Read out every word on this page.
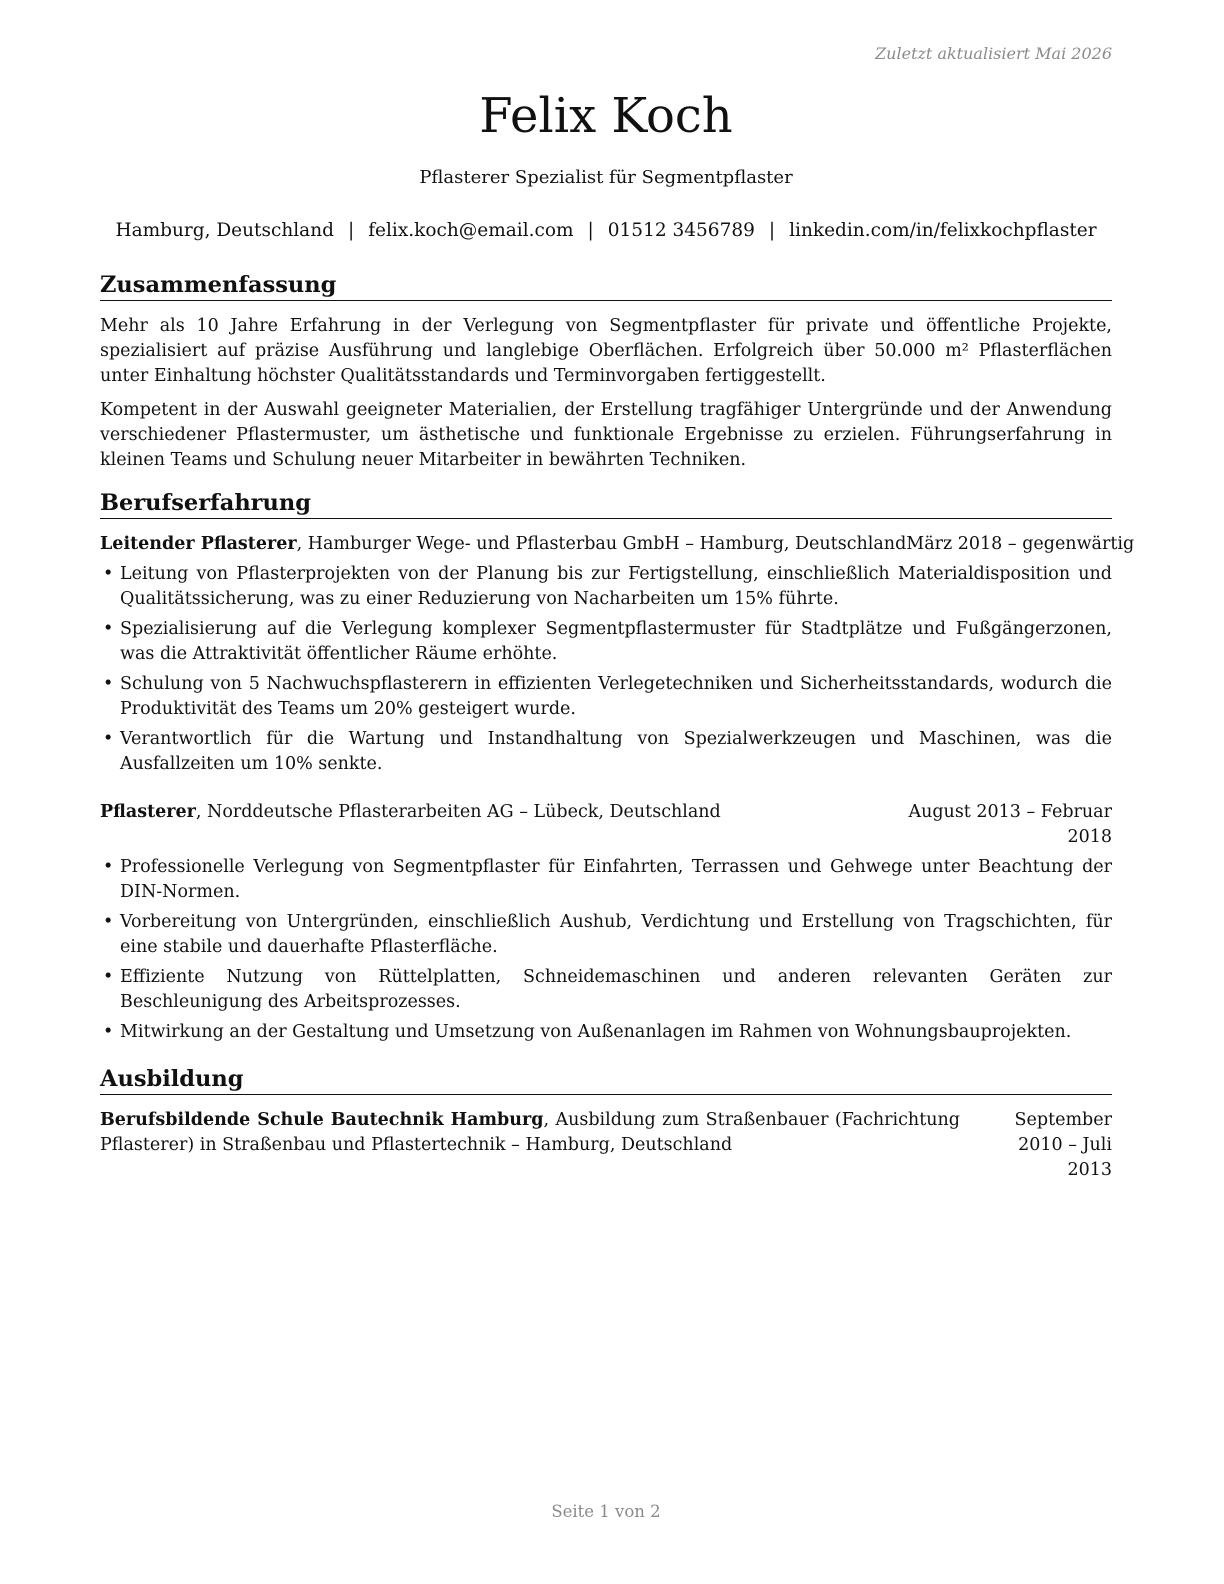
Zuletzt aktualisiert Mai 2026
Felix Koch
Pflasterer Spezialist für Segmentpflaster
Hamburg, Deutschland | felix.koch@email.com | 01512 3456789 | linkedin.com/in/felixkochpflaster
Zusammenfassung
Mehr als 10 Jahre Erfahrung in der Verlegung von Segmentpflaster für private und öffentliche Projekte, spezialisiert auf präzise Ausführung und langlebige Oberflächen. Erfolgreich über 50.000 m² Pflasterflächen unter Einhaltung höchster Qualitätsstandards und Terminvorgaben fertiggestellt.
Kompetent in der Auswahl geeigneter Materialien, der Erstellung tragfähiger Untergründe und der Anwendung verschiedener Pflastermuster, um ästhetische und funktionale Ergebnisse zu erzielen. Führungserfahrung in kleinen Teams und Schulung neuer Mitarbeiter in bewährten Techniken.
Berufserfahrung
Leitender Pflasterer, Hamburger Wege- und Pflasterbau GmbH – Hamburg, Deutschland März 2018 – gegenwärtig
• Leitung von Pflasterprojekten von der Planung bis zur Fertigstellung, einschließlich Materialdisposition und Qualitätssicherung, was zu einer Reduzierung von Nacharbeiten um 15% führte.
• Spezialisierung auf die Verlegung komplexer Segmentpflastermuster für Stadtplätze und Fußgängerzonen, was die Attraktivität öffentlicher Räume erhöhte.
• Schulung von 5 Nachwuchspflasterern in effizienten Verlegetechniken und Sicherheitsstandards, wodurch die Produktivität des Teams um 20% gesteigert wurde.
• Verantwortlich für die Wartung und Instandhaltung von Spezialwerkzeugen und Maschinen, was die Ausfallzeiten um 10% senkte.
Pflasterer, Norddeutsche Pflasterarbeiten AG – Lübeck, Deutschland	August 2013 – Februar 2018
• Professionelle Verlegung von Segmentpflaster für Einfahrten, Terrassen und Gehwege unter Beachtung der DIN-Normen.
• Vorbereitung von Untergründen, einschließlich Aushub, Verdichtung und Erstellung von Tragschichten, für eine stabile und dauerhafte Pflasterfläche.
• Effiziente Nutzung von Rüttelplatten, Schneidemaschinen und anderen relevanten Geräten zur Beschleunigung des Arbeitsprozesses.
• Mitwirkung an der Gestaltung und Umsetzung von Außenanlagen im Rahmen von Wohnungsbauprojekten.
Ausbildung
Berufsbildende Schule Bautechnik Hamburg, Ausbildung zum Straßenbauer (Fachrichtung Pflasterer) in Straßenbau und Pflastertechnik – Hamburg, Deutschland
September 2010 – Juli 2013
Seite 1 von 2
